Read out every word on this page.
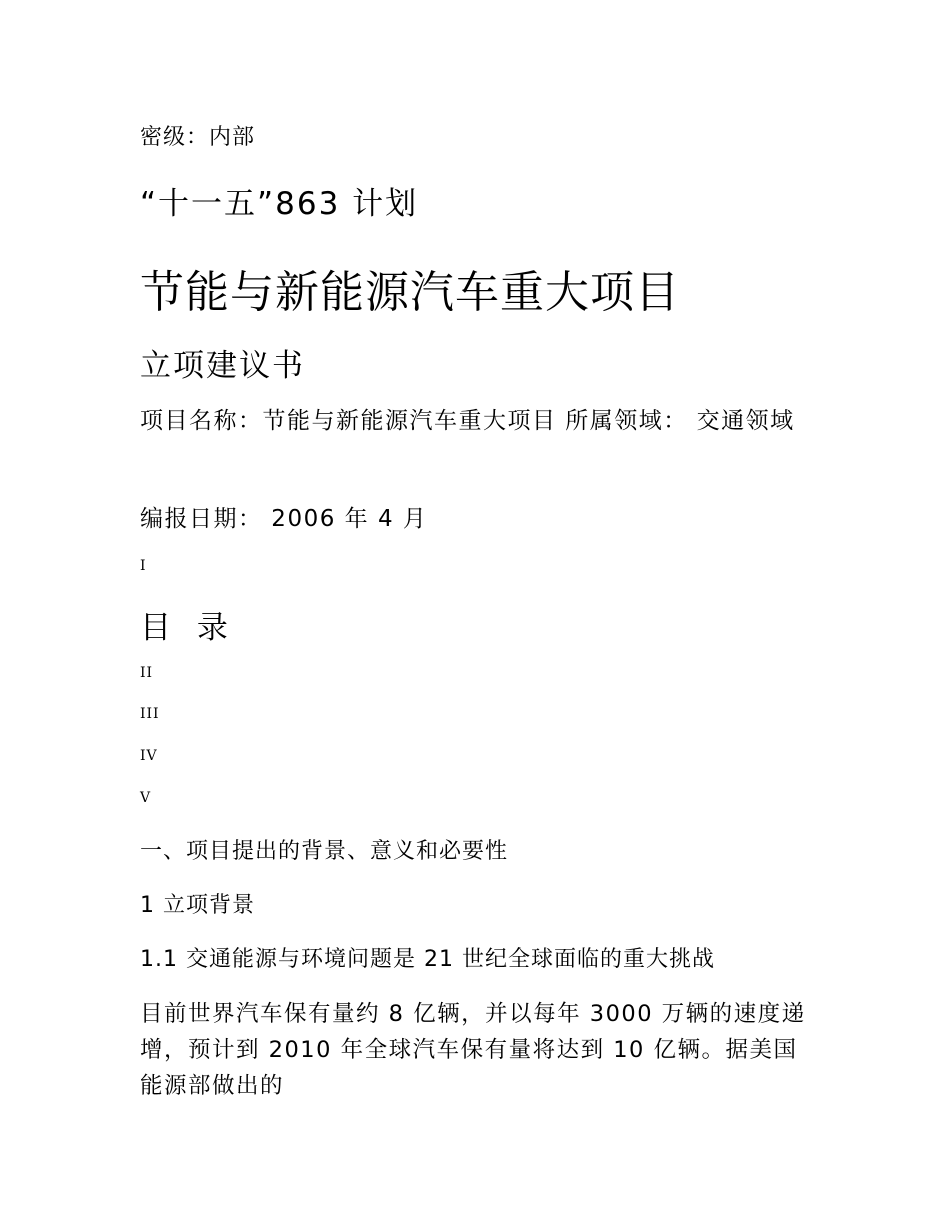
密级：内部

“十一五”863 计划

节能与新能源汽车重大项目
立项建议书

项目名称：节能与新能源汽车重大项目 所属领域： 交通领域

编报日期： 2006 年 4 月

I

目 录

II

III

IV

V

一、项目提出的背景、意义和必要性
1 立项背景
1.1 交通能源与环境问题是 21 世纪全球面临的重大挑战

目前世界汽车保有量约 8 亿辆，并以每年 3000 万辆的速度递增，预计到 2010 年全球汽车保有量将达到 10 亿辆。据美国能源部做出的
